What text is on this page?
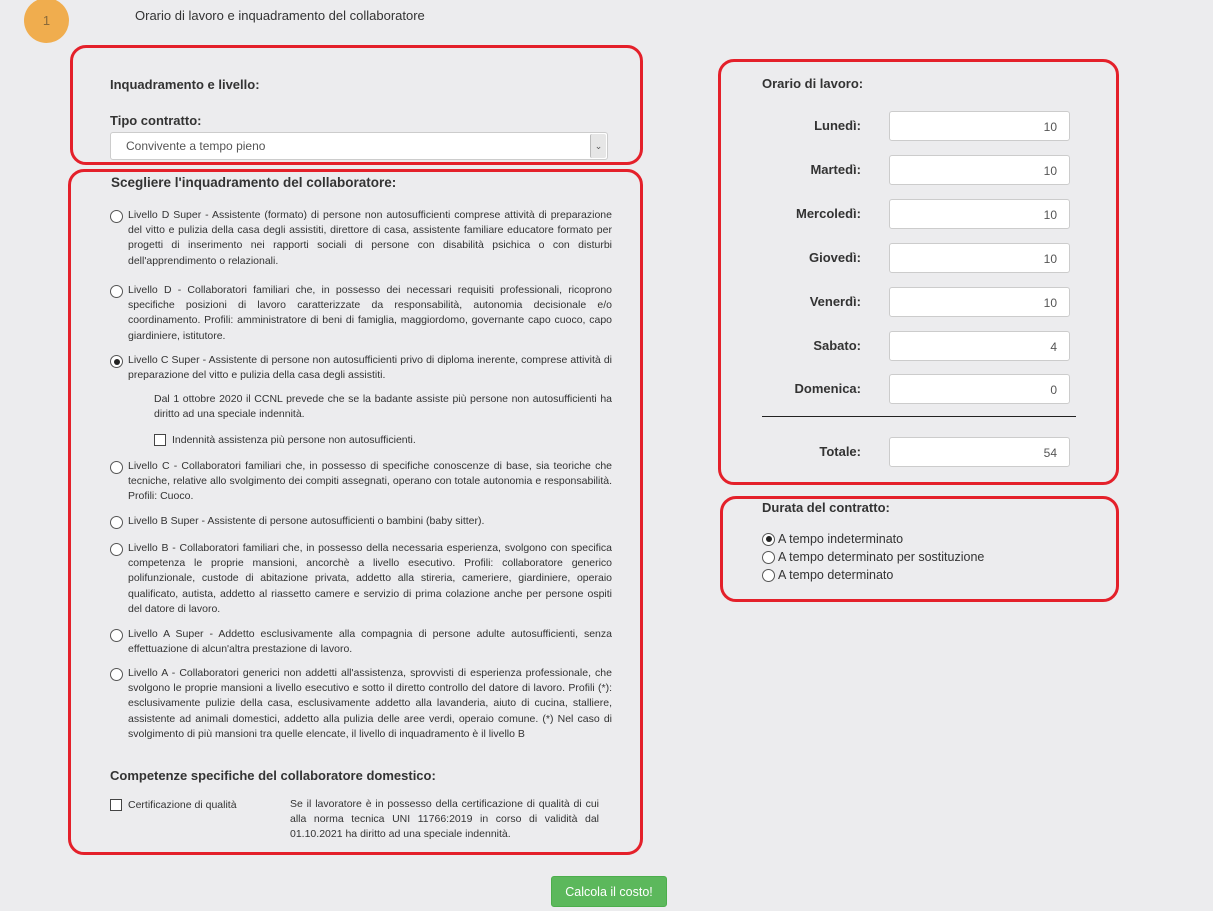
1	Orario di lavoro e inquadramento del collaboratore
Inquadramento e livello:
Tipo contratto:
Convivente a tempo pieno	⌄
Scegliere l'inquadramento del collaboratore:
Livello D Super - Assistente (formato) di persone non autosufficienti comprese attività di preparazione del vitto e pulizia della casa degli assistiti, direttore di casa, assistente familiare educatore formato per progetti di inserimento nei rapporti sociali di persone con disabilità psichica o con disturbi dell'apprendimento o relazionali.
Livello D - Collaboratori familiari che, in possesso dei necessari requisiti professionali, ricoprono specifiche posizioni di lavoro caratterizzate da responsabilità, autonomia decisionale e/o coordinamento. Profili: amministratore di beni di famiglia, maggiordomo, governante capo cuoco, capo giardiniere, istitutore.
Livello C Super - Assistente di persone non autosufficienti privo di diploma inerente, comprese attività di preparazione del vitto e pulizia della casa degli assistiti.
Dal 1 ottobre 2020 il CCNL prevede che se la badante assiste più persone non autosufficienti ha diritto ad una speciale indennità.
Indennità assistenza più persone non autosufficienti.
Livello C - Collaboratori familiari che, in possesso di specifiche conoscenze di base, sia teoriche che tecniche, relative allo svolgimento dei compiti assegnati, operano con totale autonomia e responsabilità. Profili: Cuoco.
Livello B Super - Assistente di persone autosufficienti o bambini (baby sitter).
Livello B - Collaboratori familiari che, in possesso della necessaria esperienza, svolgono con specifica competenza le proprie mansioni, ancorchè a livello esecutivo. Profili: collaboratore generico polifunzionale, custode di abitazione privata, addetto alla stireria, cameriere, giardiniere, operaio qualificato, autista, addetto al riassetto camere e servizio di prima colazione anche per persone ospiti del datore di lavoro.
Livello A Super - Addetto esclusivamente alla compagnia di persone adulte autosufficienti, senza effettuazione di alcun'altra prestazione di lavoro.
Livello A - Collaboratori generici non addetti all'assistenza, sprovvisti di esperienza professionale, che svolgono le proprie mansioni a livello esecutivo e sotto il diretto controllo del datore di lavoro. Profili (*): esclusivamente pulizie della casa, esclusivamente addetto alla lavanderia, aiuto di cucina, stalliere, assistente ad animali domestici, addetto alla pulizia delle aree verdi, operaio comune. (*) Nel caso di svolgimento di più mansioni tra quelle elencate, il livello di inquadramento è il livello B
Competenze specifiche del collaboratore domestico:
Certificazione di qualità	Se il lavoratore è in possesso della certificazione di qualità di cui alla norma tecnica UNI 11766:2019 in corso di validità dal 01.10.2021 ha diritto ad una speciale indennità.
Orario di lavoro:
Lunedì:	10
Martedì:	10
Mercoledì:	10
Giovedì:	10
Venerdì:	10
Sabato:	4
Domenica:	0
Totale:	54
Durata del contratto:
A tempo indeterminato
A tempo determinato per sostituzione
A tempo determinato
Calcola il costo!
